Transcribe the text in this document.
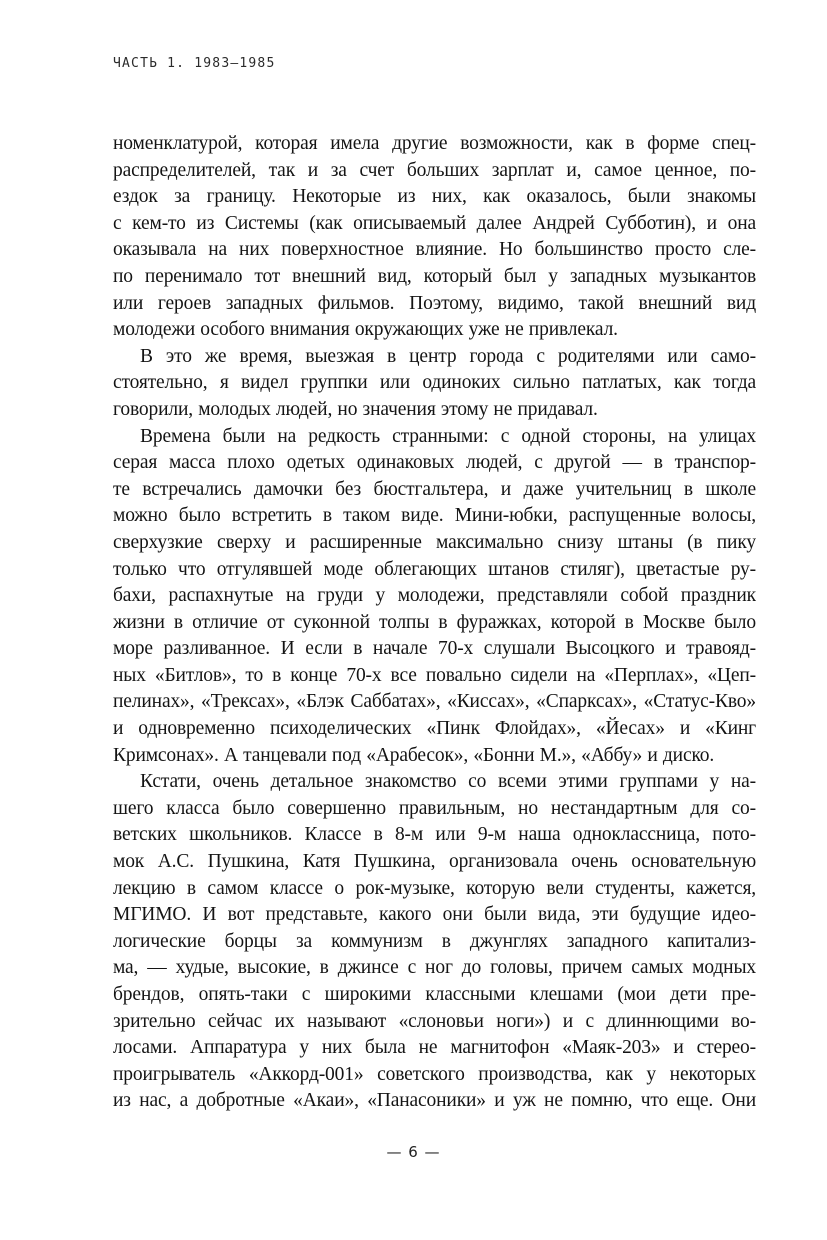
ЧАСТЬ 1. 1983–1985
номенклатурой, которая имела другие возможности, как в форме спец-
распределителей, так и за счет больших зарплат и, самое ценное, по-
ездок за границу. Некоторые из них, как оказалось, были знакомы
с кем-то из Системы (как описываемый далее Андрей Субботин), и она
оказывала на них поверхностное влияние. Но большинство просто сле-
по перенимало тот внешний вид, который был у западных музыкантов
или героев западных фильмов. Поэтому, видимо, такой внешний вид
молодежи особого внимания окружающих уже не привлекал.
В это же время, выезжая в центр города с родителями или само-
стоятельно, я видел группки или одиноких сильно патлатых, как тогда
говорили, молодых людей, но значения этому не придавал.
Времена были на редкость странными: с одной стороны, на улицах
серая масса плохо одетых одинаковых людей, с другой — в транспор-
те встречались дамочки без бюстгальтера, и даже учительниц в школе
можно было встретить в таком виде. Мини-юбки, распущенные волосы,
сверхузкие сверху и расширенные максимально снизу штаны (в пику
только что отгулявшей моде облегающих штанов стиляг), цветастые ру-
бахи, распахнутые на груди у молодежи, представляли собой праздник
жизни в отличие от суконной толпы в фуражках, которой в Москве было
море разливанное. И если в начале 70-х слушали Высоцкого и травояд-
ных «Битлов», то в конце 70-х все повально сидели на «Перплах», «Цеп-
пелинах», «Трексах», «Блэк Саббатах», «Киссах», «Спарксах», «Статус-Кво»
и одновременно психоделических «Пинк Флойдах», «Йесах» и «Кинг
Кримсонах». А танцевали под «Арабесок», «Бонни М.», «Аббу» и диско.
Кстати, очень детальное знакомство со всеми этими группами у на-
шего класса было совершенно правильным, но нестандартным для со-
ветских школьников. Классе в 8-м или 9-м наша одноклассница, пото-
мок А.С. Пушкина, Катя Пушкина, организовала очень основательную
лекцию в самом классе о рок-музыке, которую вели студенты, кажется,
МГИМО. И вот представьте, какого они были вида, эти будущие идео-
логические борцы за коммунизм в джунглях западного капитализ-
ма, — худые, высокие, в джинсе с ног до головы, причем самых модных
брендов, опять-таки с широкими классными клешами (мои дети пре-
зрительно сейчас их называют «слоновьи ноги») и с длиннющими во-
лосами. Аппаратура у них была не магнитофон «Маяк-203» и стерео-
проигрыватель «Аккорд-001» советского производства, как у некоторых
из нас, а добротные «Акаи», «Панасоники» и уж не помню, что еще. Они
— 6 —
